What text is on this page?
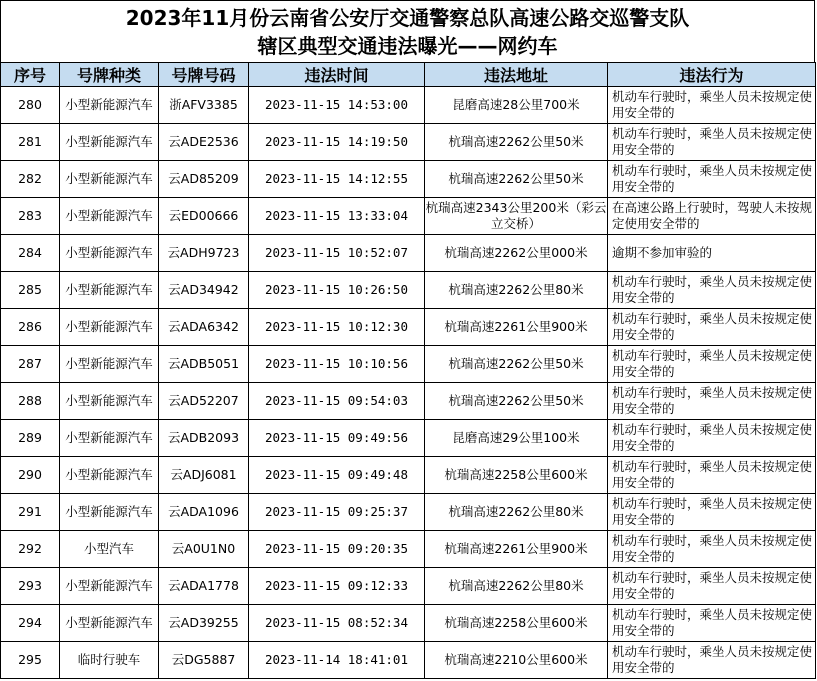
2023年11月份云南省公安厅交通警察总队高速公路交巡警支队
辖区典型交通违法曝光——网约车
序号	号牌种类	号牌号码	违法时间	违法地址	违法行为
280	小型新能源汽车	浙AFV3385	2023-11-15 14:53:00	昆磨高速28公里700米	机动车行驶时，乘坐人员未按规定使用安全带的
281	小型新能源汽车	云ADE2536	2023-11-15 14:19:50	杭瑞高速2262公里50米	机动车行驶时，乘坐人员未按规定使用安全带的
282	小型新能源汽车	云AD85209	2023-11-15 14:12:55	杭瑞高速2262公里50米	机动车行驶时，乘坐人员未按规定使用安全带的
283	小型新能源汽车	云ED00666	2023-11-15 13:33:04	杭瑞高速2343公里200米（彩云立交桥）	在高速公路上行驶时，驾驶人未按规定使用安全带的
284	小型新能源汽车	云ADH9723	2023-11-15 10:52:07	杭瑞高速2262公里000米	逾期不参加审验的
285	小型新能源汽车	云AD34942	2023-11-15 10:26:50	杭瑞高速2262公里80米	机动车行驶时，乘坐人员未按规定使用安全带的
286	小型新能源汽车	云ADA6342	2023-11-15 10:12:30	杭瑞高速2261公里900米	机动车行驶时，乘坐人员未按规定使用安全带的
287	小型新能源汽车	云ADB5051	2023-11-15 10:10:56	杭瑞高速2262公里50米	机动车行驶时，乘坐人员未按规定使用安全带的
288	小型新能源汽车	云AD52207	2023-11-15 09:54:03	杭瑞高速2262公里50米	机动车行驶时，乘坐人员未按规定使用安全带的
289	小型新能源汽车	云ADB2093	2023-11-15 09:49:56	昆磨高速29公里100米	机动车行驶时，乘坐人员未按规定使用安全带的
290	小型新能源汽车	云ADJ6081	2023-11-15 09:49:48	杭瑞高速2258公里600米	机动车行驶时，乘坐人员未按规定使用安全带的
291	小型新能源汽车	云ADA1096	2023-11-15 09:25:37	杭瑞高速2262公里80米	机动车行驶时，乘坐人员未按规定使用安全带的
292	小型汽车	云A0U1N0	2023-11-15 09:20:35	杭瑞高速2261公里900米	机动车行驶时，乘坐人员未按规定使用安全带的
293	小型新能源汽车	云ADA1778	2023-11-15 09:12:33	杭瑞高速2262公里80米	机动车行驶时，乘坐人员未按规定使用安全带的
294	小型新能源汽车	云AD39255	2023-11-15 08:52:34	杭瑞高速2258公里600米	机动车行驶时，乘坐人员未按规定使用安全带的
295	临时行驶车	云DG5887	2023-11-14 18:41:01	杭瑞高速2210公里600米	机动车行驶时，乘坐人员未按规定使用安全带的
